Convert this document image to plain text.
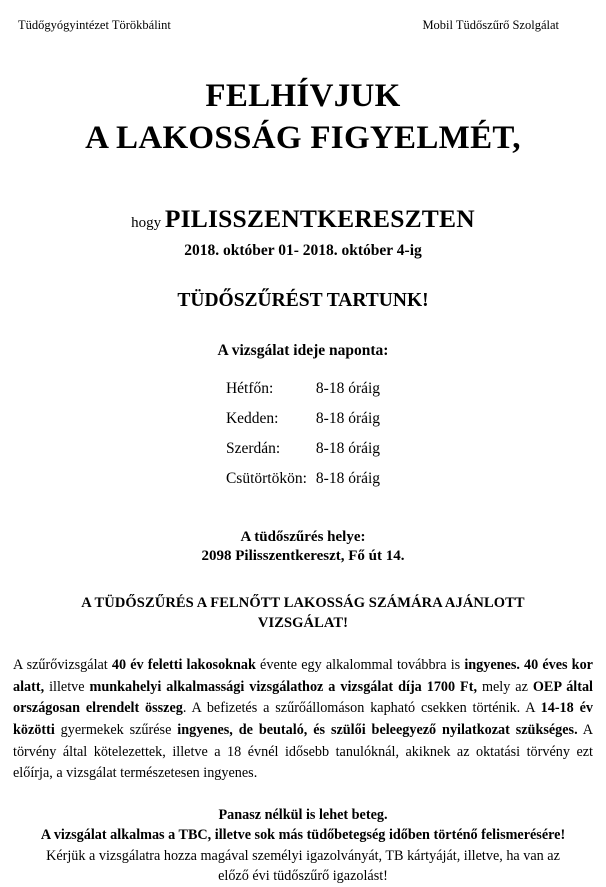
Tüdőgyógyintézet Törökbálint	Mobil Tüdőszűrő Szolgálat
FELHÍVJUK
A LAKOSSÁG FIGYELMÉT,
hogy PILISSZENTKERESZTEN
2018. október 01- 2018. október 4-ig
TÜDŐSZŰRÉST TARTUNK!
A vizsgálat ideje naponta:
Hétfőn:	8-18 óráig
Kedden:	8-18 óráig
Szerdán:	8-18 óráig
Csütörtökön:	8-18 óráig
A tüdőszűrés helye:
2098 Pilisszentkereszt, Fő út 14.
A TÜDŐSZŰRÉS A FELNŐTT LAKOSSÁG SZÁMÁRA AJÁNLOTT
VIZSGÁLAT!

A szűrővizsgálat 40 év feletti lakosoknak évente egy alkalommal továbbra is ingyenes. 40 éves kor alatt, illetve munkahelyi alkalmassági vizsgálathoz a vizsgálat díja 1700 Ft, mely az OEP által országosan elrendelt összeg. A befizetés a szűrőállomáson kapható csekken történik. A 14-18 év közötti gyermekek szűrése ingyenes, de beutaló, és szülői beleegyező nyilatkozat szükséges. A törvény által kötelezettek, illetve a 18 évnél idősebb tanulóknál, akiknek az oktatási törvény ezt előírja, a vizsgálat természetesen ingyenes.

Panasz nélkül is lehet beteg.
A vizsgálat alkalmas a TBC, illetve sok más tüdőbetegség időben történő felismerésére!
Kérjük a vizsgálatra hozza magával személyi igazolványát, TB kártyáját, illetve, ha van az
előző évi tüdőszűrő igazolást!
